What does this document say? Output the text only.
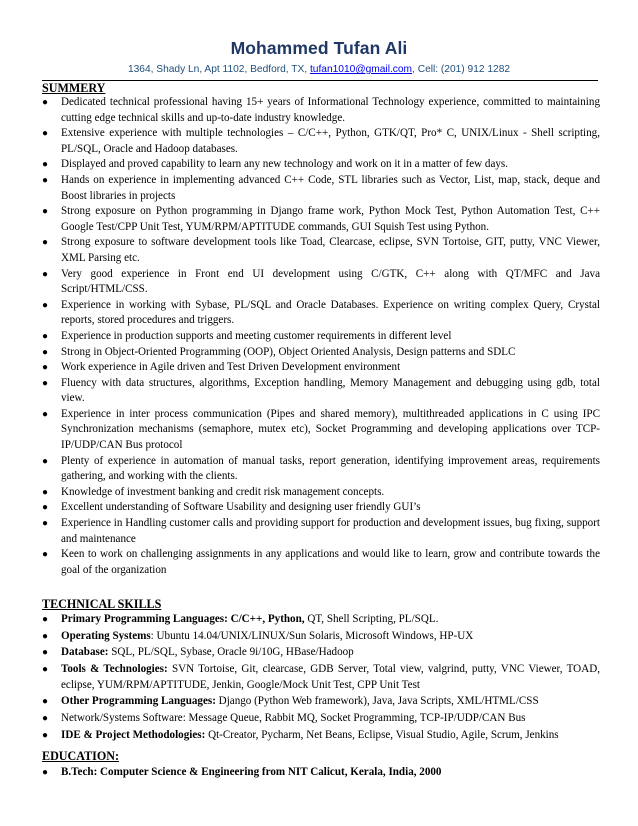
Mohammed Tufan Ali
1364, Shady Ln, Apt 1102, Bedford, TX, tufan1010@gmail.com, Cell: (201) 912 1282
SUMMERY
● Dedicated technical professional having 15+ years of Informational Technology experience, committed to maintaining cutting edge technical skills and up-to-date industry knowledge.
● Extensive experience with multiple technologies – C/C++, Python, GTK/QT, Pro* C, UNIX/Linux - Shell scripting, PL/SQL, Oracle and Hadoop databases.
● Displayed and proved capability to learn any new technology and work on it in a matter of few days.
● Hands on experience in implementing advanced C++ Code, STL libraries such as Vector, List, map, stack, deque and Boost libraries in projects
● Strong exposure on Python programming in Django frame work, Python Mock Test, Python Automation Test, C++ Google Test/CPP Unit Test, YUM/RPM/APTITUDE commands, GUI Squish Test using Python.
● Strong exposure to software development tools like Toad, Clearcase, eclipse, SVN Tortoise, GIT, putty, VNC Viewer, XML Parsing etc.
● Very good experience in Front end UI development using C/GTK, C++ along with QT/MFC and Java Script/HTML/CSS.
● Experience in working with Sybase, PL/SQL and Oracle Databases. Experience on writing complex Query, Crystal reports, stored procedures and triggers.
● Experience in production supports and meeting customer requirements in different level
● Strong in Object-Oriented Programming (OOP), Object Oriented Analysis, Design patterns and SDLC
● Work experience in Agile driven and Test Driven Development environment
● Fluency with data structures, algorithms, Exception handling, Memory Management and debugging using gdb, total view.
● Experience in inter process communication (Pipes and shared memory), multithreaded applications in C using IPC Synchronization mechanisms (semaphore, mutex etc), Socket Programming and developing applications over TCP-IP/UDP/CAN Bus protocol
● Plenty of experience in automation of manual tasks, report generation, identifying improvement areas, requirements gathering, and working with the clients.
● Knowledge of investment banking and credit risk management concepts.
● Excellent understanding of Software Usability and designing user friendly GUI’s
● Experience in Handling customer calls and providing support for production and development issues, bug fixing, support and maintenance
● Keen to work on challenging assignments in any applications and would like to learn, grow and contribute towards the goal of the organization
TECHNICAL SKILLS
● Primary Programming Languages: C/C++, Python, QT, Shell Scripting, PL/SQL.
● Operating Systems: Ubuntu 14.04/UNIX/LINUX/Sun Solaris, Microsoft Windows, HP-UX
● Database: SQL, PL/SQL, Sybase, Oracle 9i/10G, HBase/Hadoop
● Tools & Technologies: SVN Tortoise, Git, clearcase, GDB Server, Total view, valgrind, putty, VNC Viewer, TOAD, eclipse, YUM/RPM/APTITUDE, Jenkin, Google/Mock Unit Test, CPP Unit Test
● Other Programming Languages: Django (Python Web framework), Java, Java Scripts, XML/HTML/CSS
● Network/Systems Software: Message Queue, Rabbit MQ, Socket Programming, TCP-IP/UDP/CAN Bus
● IDE & Project Methodologies: Qt-Creator, Pycharm, Net Beans, Eclipse, Visual Studio, Agile, Scrum, Jenkins
EDUCATION:
● B.Tech: Computer Science & Engineering from NIT Calicut, Kerala, India, 2000
